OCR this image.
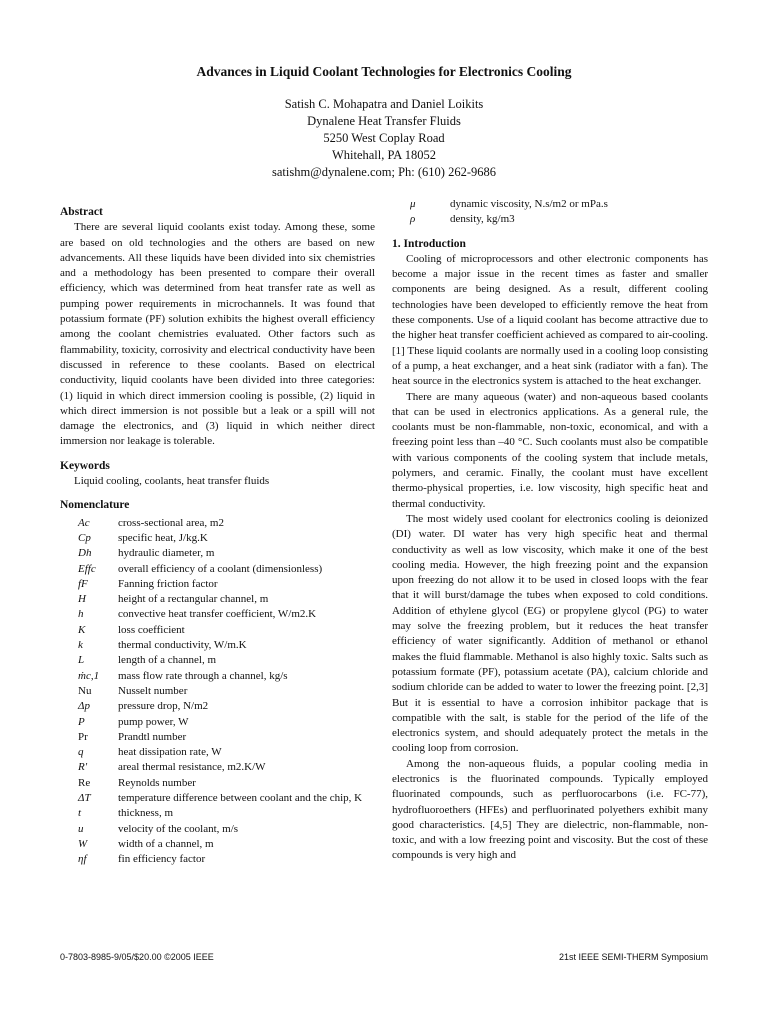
Advances in Liquid Coolant Technologies for Electronics Cooling
Satish C. Mohapatra and Daniel Loikits
Dynalene Heat Transfer Fluids
5250 West Coplay Road
Whitehall, PA 18052
satishm@dynalene.com; Ph: (610) 262-9686
Abstract

There are several liquid coolants exist today. Among these, some are based on old technologies and the others are based on new advancements. All these liquids have been divided into six chemistries and a methodology has been presented to compare their overall efficiency, which was determined from heat transfer rate as well as pumping power requirements in microchannels. It was found that potassium formate (PF) solution exhibits the highest overall efficiency among the coolant chemistries evaluated. Other factors such as flammability, toxicity, corrosivity and electrical conductivity have been discussed in reference to these coolants. Based on electrical conductivity, liquid coolants have been divided into three categories: (1) liquid in which direct immersion cooling is possible, (2) liquid in which direct immersion is not possible but a leak or a spill will not damage the electronics, and (3) liquid in which neither direct immersion nor leakage is tolerable.

Keywords

Liquid cooling, coolants, heat transfer fluids

Nomenclature
Ac	cross-sectional area, m2
Cp	specific heat, J/kg.K
Dh	hydraulic diameter, m
Effc	overall efficiency of a coolant (dimensionless)
fF	Fanning friction factor
H	height of a rectangular channel, m
h	convective heat transfer coefficient, W/m2.K
K	loss coefficient
k	thermal conductivity, W/m.K
L	length of a channel, m
ṁc,1	mass flow rate through a channel, kg/s
Nu	Nusselt number
Δp	pressure drop, N/m2
P	pump power, W
Pr	Prandtl number
q	heat dissipation rate, W
R'	areal thermal resistance, m2.K/W
Re	Reynolds number
ΔT	temperature difference between coolant and the chip, K
t	thickness, m
u	velocity of the coolant, m/s
W	width of a channel, m
ηf	fin efficiency factor
μ	dynamic viscosity, N.s/m2 or mPa.s
ρ	density, kg/m3
1. Introduction

Cooling of microprocessors and other electronic components has become a major issue in the recent times as faster and smaller components are being designed. As a result, different cooling technologies have been developed to efficiently remove the heat from these components. Use of a liquid coolant has become attractive due to the higher heat transfer coefficient achieved as compared to air-cooling. [1] These liquid coolants are normally used in a cooling loop consisting of a pump, a heat exchanger, and a heat sink (radiator with a fan). The heat source in the electronics system is attached to the heat exchanger.

There are many aqueous (water) and non-aqueous based coolants that can be used in electronics applications. As a general rule, the coolants must be non-flammable, non-toxic, economical, and with a freezing point less than –40 °C. Such coolants must also be compatible with various components of the cooling system that include metals, polymers, and ceramic. Finally, the coolant must have excellent thermo-physical properties, i.e. low viscosity, high specific heat and thermal conductivity.

The most widely used coolant for electronics cooling is deionized (DI) water. DI water has very high specific heat and thermal conductivity as well as low viscosity, which make it one of the best cooling media. However, the high freezing point and the expansion upon freezing do not allow it to be used in closed loops with the fear that it will burst/damage the tubes when exposed to cold conditions. Addition of ethylene glycol (EG) or propylene glycol (PG) to water may solve the freezing problem, but it reduces the heat transfer efficiency of water significantly. Addition of methanol or ethanol makes the fluid flammable. Methanol is also highly toxic. Salts such as potassium formate (PF), potassium acetate (PA), calcium chloride and sodium chloride can be added to water to lower the freezing point. [2,3] But it is essential to have a corrosion inhibitor package that is compatible with the salt, is stable for the period of the life of the electronics system, and should adequately protect the metals in the cooling loop from corrosion.

Among the non-aqueous fluids, a popular cooling media in electronics is the fluorinated compounds. Typically employed fluorinated compounds, such as perfluorocarbons (i.e. FC-77), hydrofluoroethers (HFEs) and perfluorinated polyethers exhibit many good characteristics. [4,5] They are dielectric, non-flammable, non-toxic, and with a low freezing point and viscosity. But the cost of these compounds is very high and

0-7803-8985-9/05/$20.00 ©2005 IEEE	21st IEEE SEMI-THERM Symposium
